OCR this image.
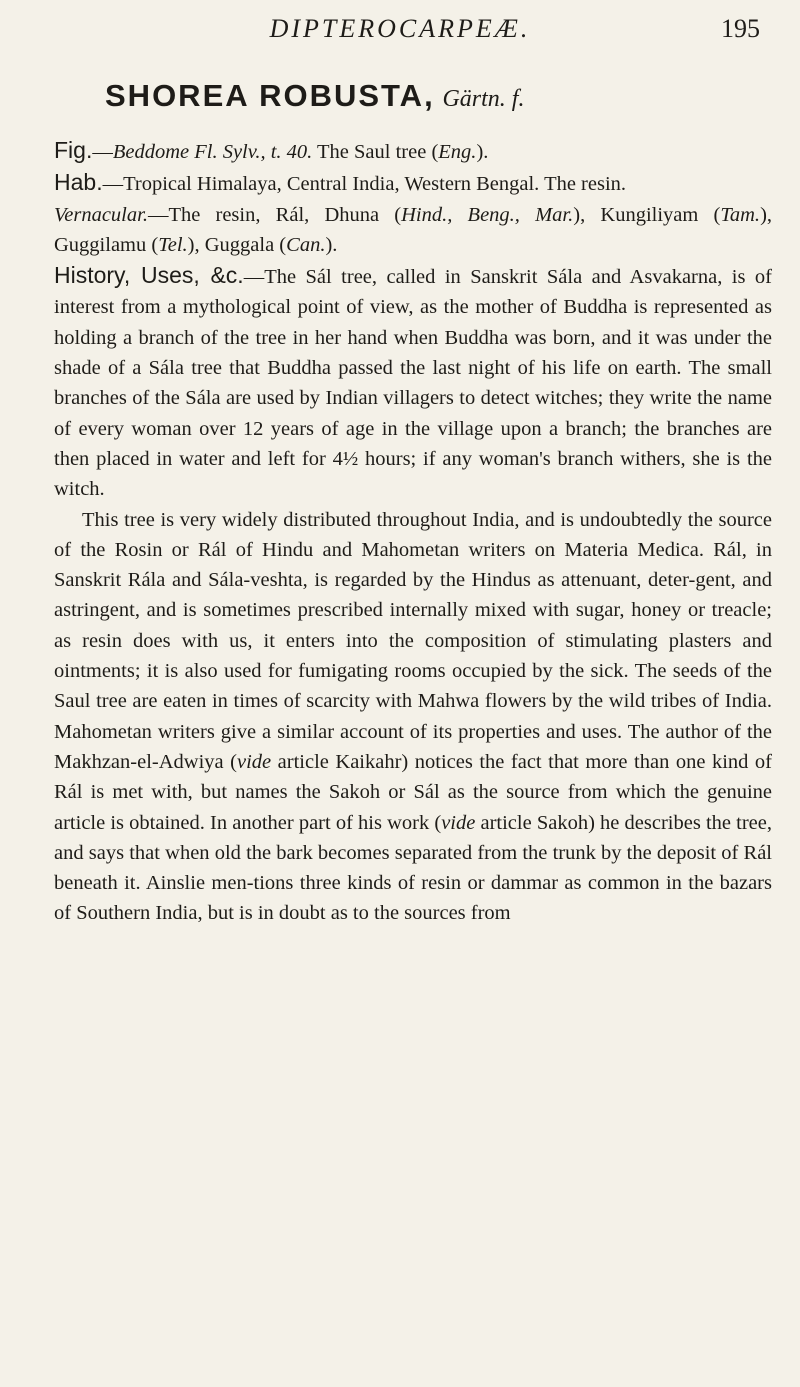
DIPTEROCARPEÆ.	195
SHOREA ROBUSTA, Gärtn. f.

Fig.—Beddome Fl. Sylv., t. 40. The Saul tree (Eng.).

Hab.—Tropical Himalaya, Central India, Western Bengal. The resin.

Vernacular.—The resin, Rál, Dhuna (Hind., Beng., Mar.), Kungiliyam (Tam.), Guggilamu (Tel.), Guggala (Can.).

History, Uses, &c.—The Sál tree, called in Sanskrit Sála and Asvakarna, is of interest from a mythological point of view, as the mother of Buddha is represented as holding a branch of the tree in her hand when Buddha was born, and it was under the shade of a Sála tree that Buddha passed the last night of his life on earth. The small branches of the Sála are used by Indian villagers to detect witches; they write the name of every woman over 12 years of age in the village upon a branch; the branches are then placed in water and left for 4½ hours; if any woman's branch withers, she is the witch.

This tree is very widely distributed throughout India, and is undoubtedly the source of the Rosin or Rál of Hindu and Mahometan writers on Materia Medica. Rál, in Sanskrit Rála and Sála-veshta, is regarded by the Hindus as attenuant, deter-gent, and astringent, and is sometimes prescribed internally mixed with sugar, honey or treacle; as resin does with us, it enters into the composition of stimulating plasters and ointments; it is also used for fumigating rooms occupied by the sick. The seeds of the Saul tree are eaten in times of scarcity with Mahwa flowers by the wild tribes of India. Mahometan writers give a similar account of its properties and uses. The author of the Makhzan-el-Adwiya (vide article Kaikahr) notices the fact that more than one kind of Rál is met with, but names the Sakoh or Sál as the source from which the genuine article is obtained. In another part of his work (vide article Sakoh) he describes the tree, and says that when old the bark becomes separated from the trunk by the deposit of Rál beneath it. Ainslie men-tions three kinds of resin or dammar as common in the bazars of Southern India, but is in doubt as to the sources from
